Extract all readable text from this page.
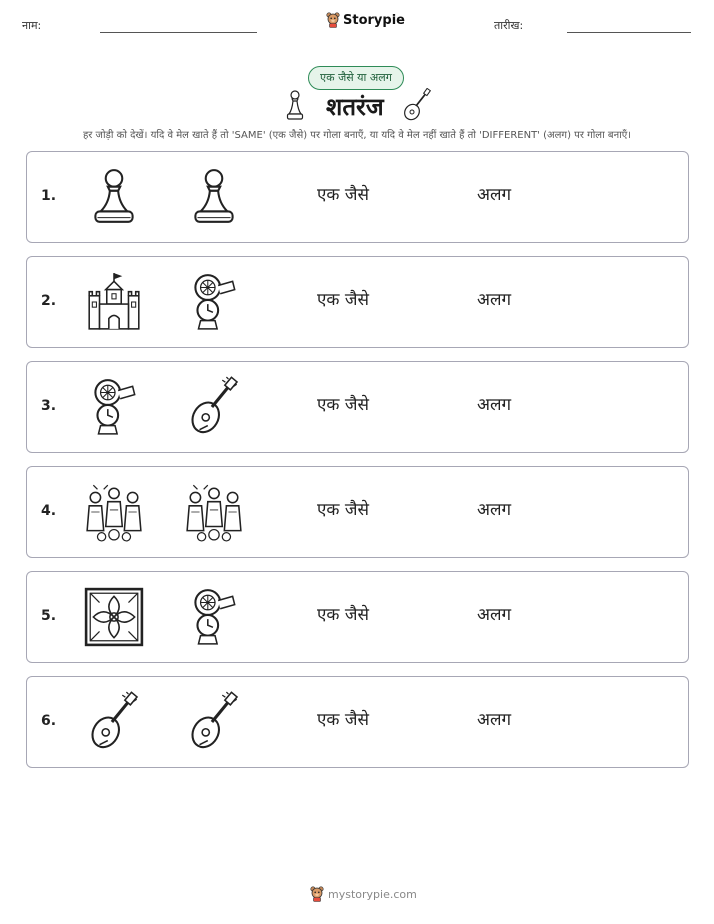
नाम:	Storypie	तारीख:
एक जैसे या अलग
शतरंज
हर जोड़ी को देखें। यदि वे मेल खाते हैं तो 'SAME' (एक जैसे) पर गोला बनाएँ, या यदि वे मेल नहीं खाते हैं तो 'DIFFERENT' (अलग) पर गोला बनाएँ।
1.	एक जैसे	अलग
2.	एक जैसे	अलग
3.	एक जैसे	अलग
4.	एक जैसे	अलग
5.	एक जैसे	अलग
6.	एक जैसे	अलग
mystorypie.com
